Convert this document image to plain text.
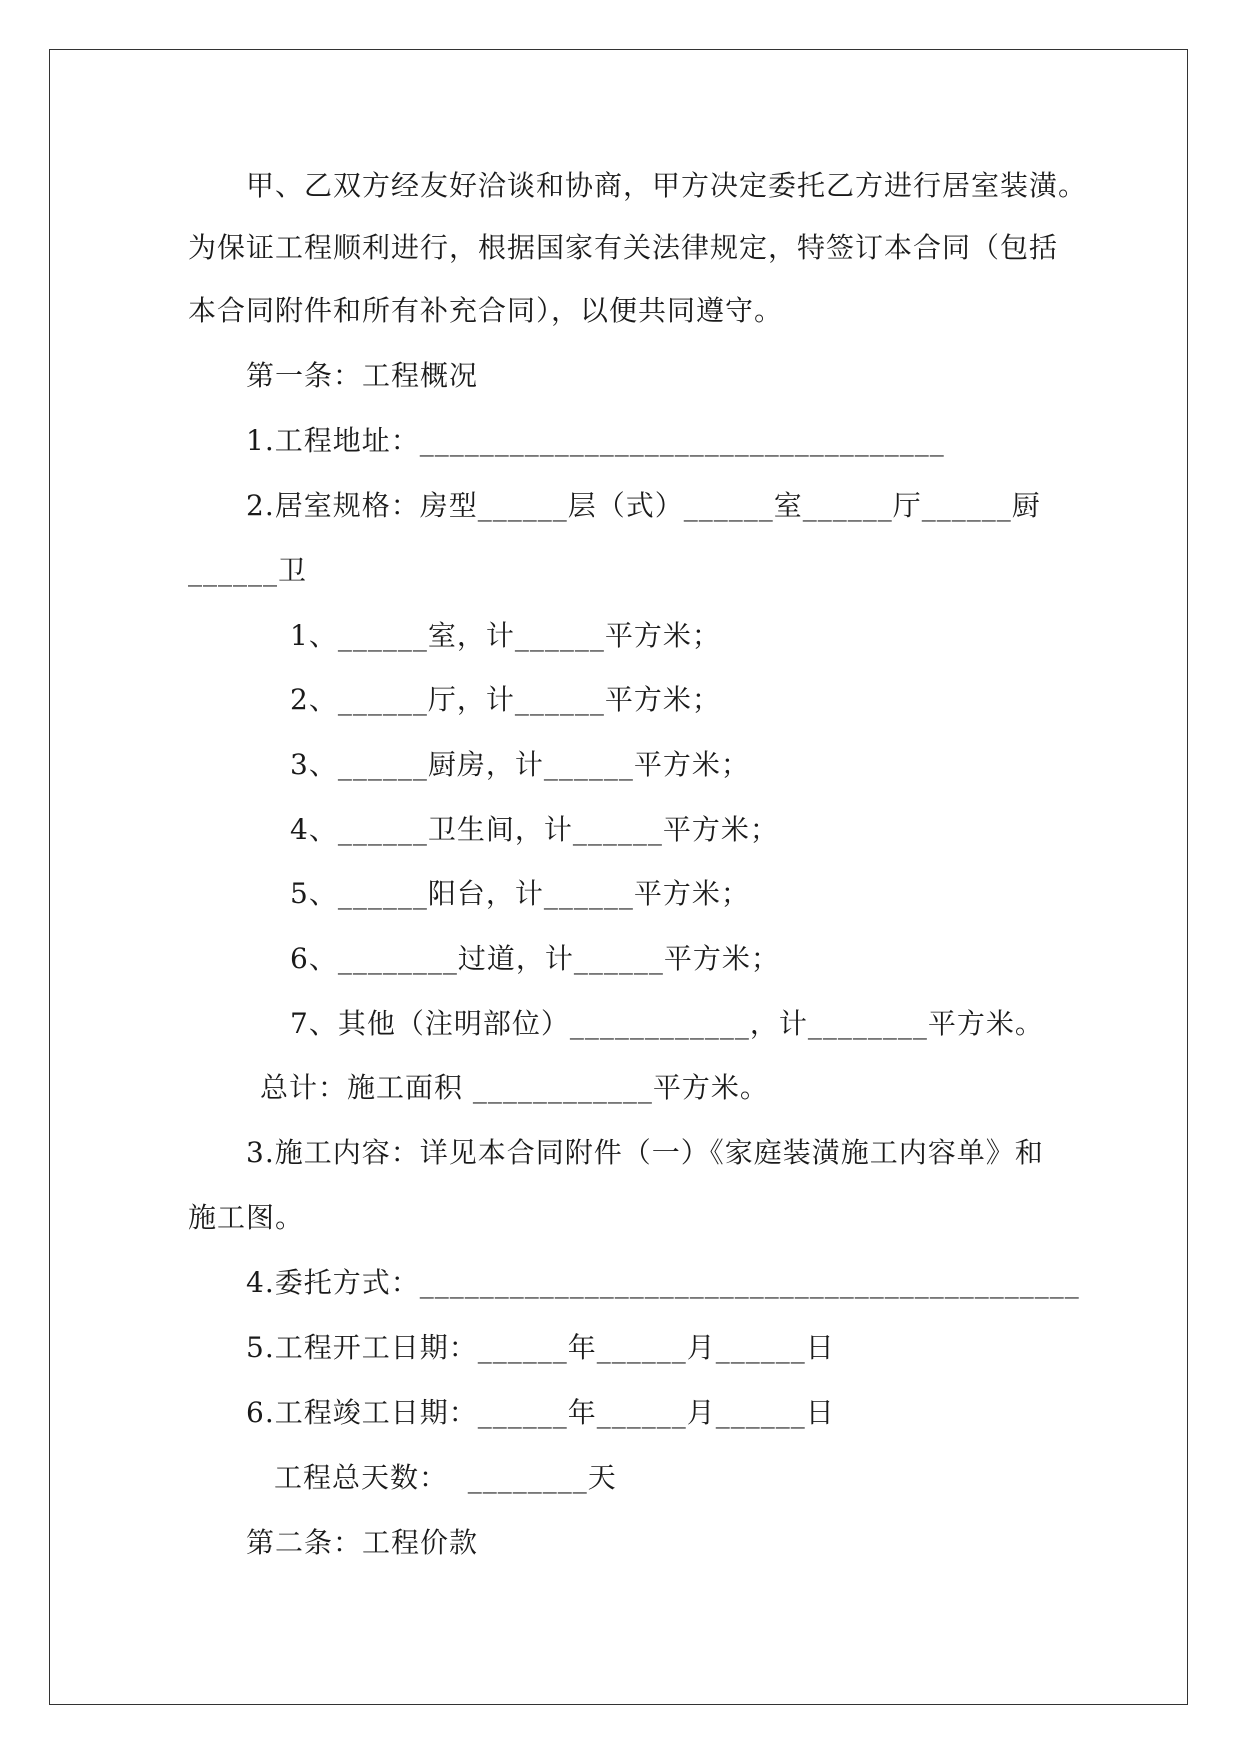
甲、乙双方经友好洽谈和协商，甲方决定委托乙方进行居室装潢。
为保证工程顺利进行，根据国家有关法律规定，特签订本合同（包括
本合同附件和所有补充合同），以便共同遵守。
第一条：工程概况
1.工程地址：___________________________________
2.居室规格：房型______层（式）______室______厅______厨
______卫
1、______室，计______平方米；
2、______厅，计______平方米；
3、______厨房，计______平方米；
4、______卫生间，计______平方米；
5、______阳台，计______平方米；
6、________过道，计______平方米；
7、其他（注明部位）____________，计________平方米。
总计：施工面积 ____________平方米。
3.施工内容：详见本合同附件（一）《家庭装潢施工内容单》和
施工图。
4.委托方式：____________________________________________
5.工程开工日期：______年______月______日
6.工程竣工日期：______年______月______日
工程总天数：  ________天
第二条：工程价款
